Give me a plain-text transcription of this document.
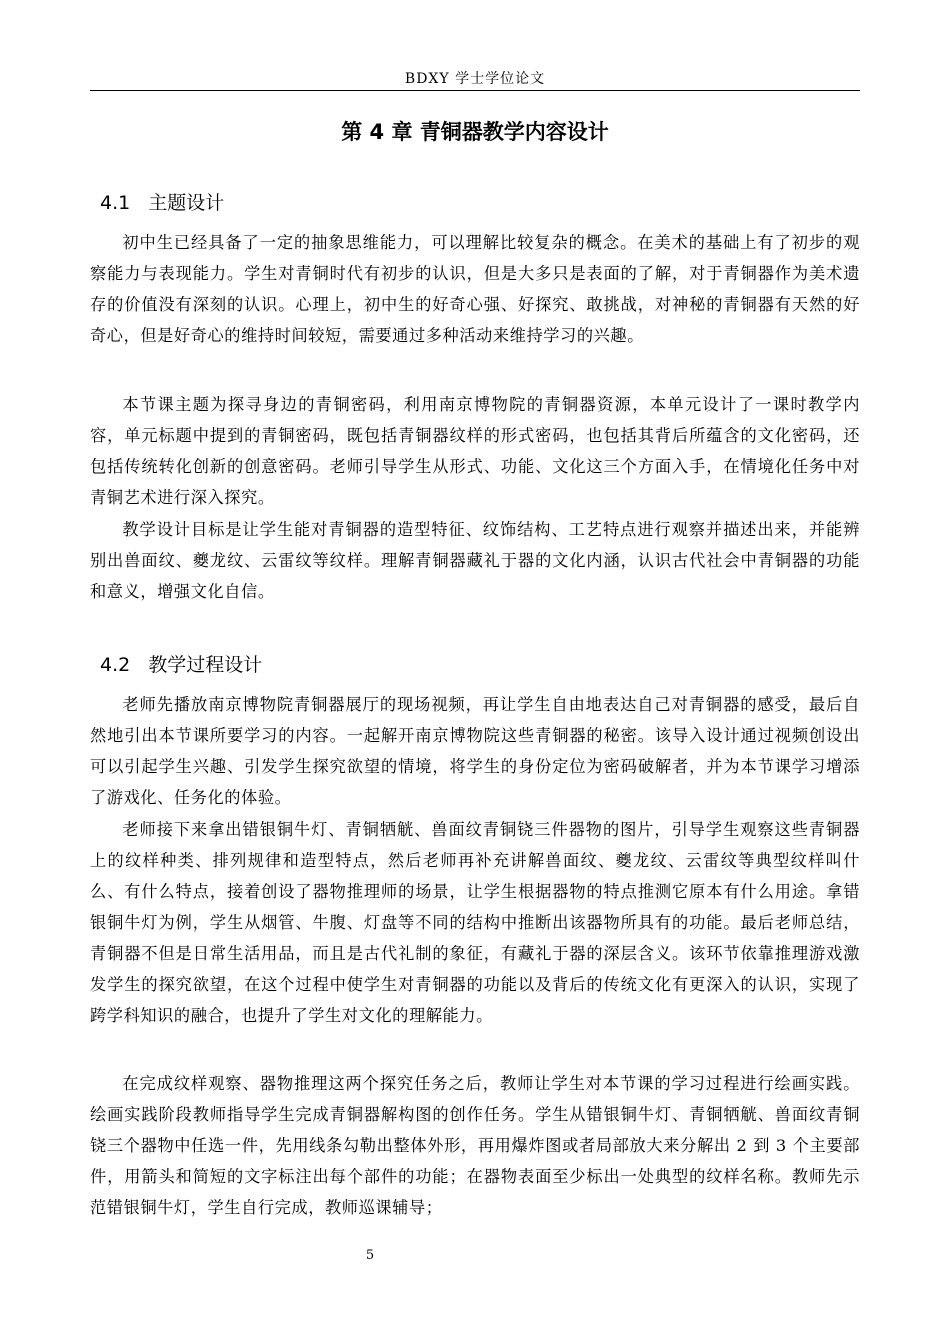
BDXY 学士学位论文
第 4 章 青铜器教学内容设计
4.1 主题设计

初中生已经具备了一定的抽象思维能力，可以理解比较复杂的概念。在美术的基础上有了初步的观察能力与表现能力。学生对青铜时代有初步的认识，但是大多只是表面的了解，对于青铜器作为美术遗存的价值没有深刻的认识。心理上，初中生的好奇心强、好探究、敢挑战，对神秘的青铜器有天然的好奇心，但是好奇心的维持时间较短，需要通过多种活动来维持学习的兴趣。

本节课主题为探寻身边的青铜密码，利用南京博物院的青铜器资源，本单元设计了一课时教学内容，单元标题中提到的青铜密码，既包括青铜器纹样的形式密码，也包括其背后所蕴含的文化密码，还包括传统转化创新的创意密码。老师引导学生从形式、功能、文化这三个方面入手，在情境化任务中对青铜艺术进行深入探究。

教学设计目标是让学生能对青铜器的造型特征、纹饰结构、工艺特点进行观察并描述出来，并能辨别出兽面纹、夔龙纹、云雷纹等纹样。理解青铜器藏礼于器的文化内涵，认识古代社会中青铜器的功能和意义，增强文化自信。

4.2 教学过程设计

老师先播放南京博物院青铜器展厅的现场视频，再让学生自由地表达自己对青铜器的感受，最后自然地引出本节课所要学习的内容。一起解开南京博物院这些青铜器的秘密。该导入设计通过视频创设出可以引起学生兴趣、引发学生探究欲望的情境，将学生的身份定位为密码破解者，并为本节课学习增添了游戏化、任务化的体验。

老师接下来拿出错银铜牛灯、青铜牺觥、兽面纹青铜铙三件器物的图片，引导学生观察这些青铜器上的纹样种类、排列规律和造型特点，然后老师再补充讲解兽面纹、夔龙纹、云雷纹等典型纹样叫什么、有什么特点，接着创设了器物推理师的场景，让学生根据器物的特点推测它原本有什么用途。拿错银铜牛灯为例，学生从烟管、牛腹、灯盘等不同的结构中推断出该器物所具有的功能。最后老师总结，青铜器不但是日常生活用品，而且是古代礼制的象征，有藏礼于器的深层含义。该环节依靠推理游戏激发学生的探究欲望，在这个过程中使学生对青铜器的功能以及背后的传统文化有更深入的认识，实现了跨学科知识的融合，也提升了学生对文化的理解能力。

在完成纹样观察、器物推理这两个探究任务之后，教师让学生对本节课的学习过程进行绘画实践。绘画实践阶段教师指导学生完成青铜器解构图的创作任务。学生从错银铜牛灯、青铜牺觥、兽面纹青铜铙三个器物中任选一件，先用线条勾勒出整体外形，再用爆炸图或者局部放大来分解出 2 到 3 个主要部件，用箭头和简短的文字标注出每个部件的功能；在器物表面至少标出一处典型的纹样名称。教师先示范错银铜牛灯，学生自行完成，教师巡课辅导；

5
